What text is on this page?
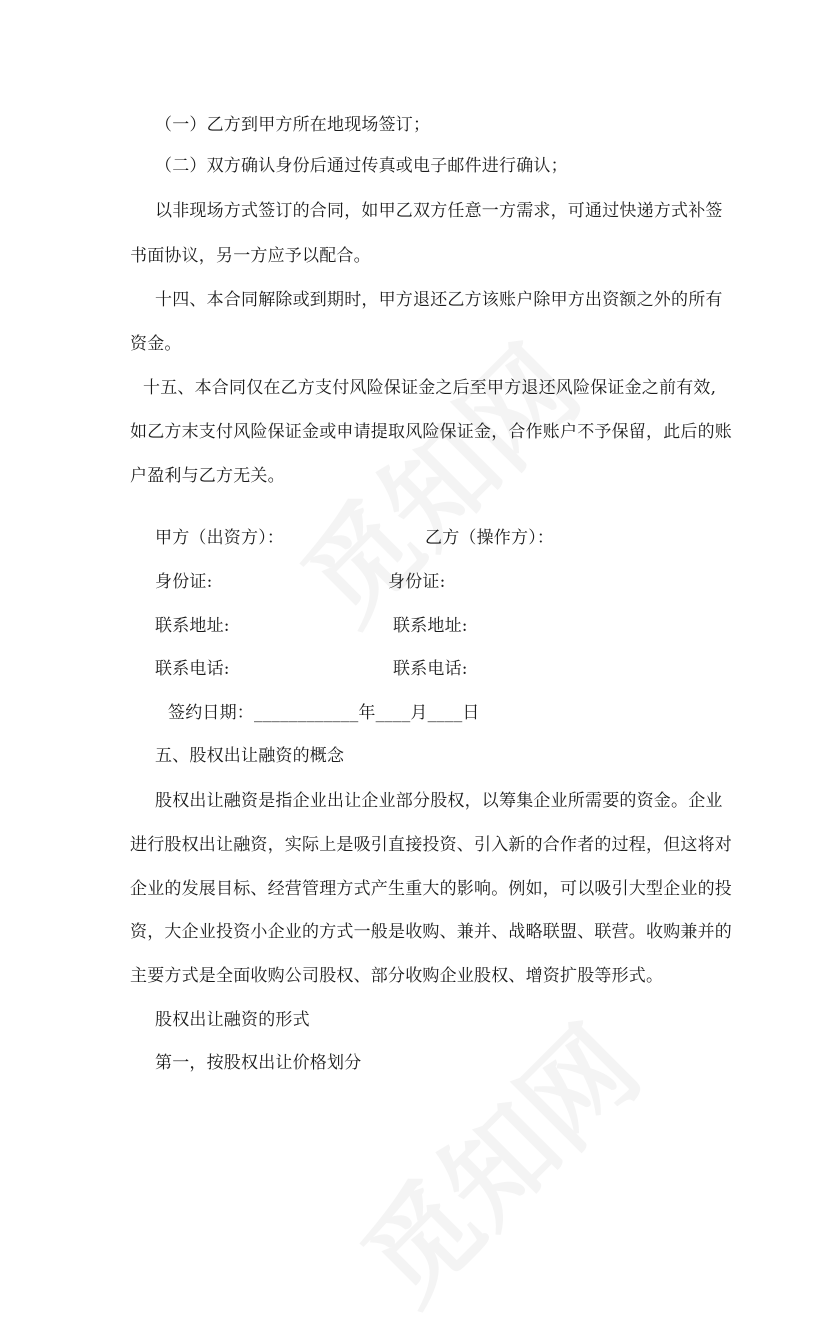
（一）乙方到甲方所在地现场签订；
（二）双方确认身份后通过传真或电子邮件进行确认；
以非现场方式签订的合同，如甲乙双方任意一方需求，可通过快递方式补签
书面协议，另一方应予以配合。
十四、本合同解除或到期时，甲方退还乙方该账户除甲方出资额之外的所有
资金。
十五、本合同仅在乙方支付风险保证金之后至甲方退还风险保证金之前有效,
如乙方末支付风险保证金或申请提取风险保证金，合作账户不予保留，此后的账
户盈利与乙方无关。
甲方（出资方）：	乙方（操作方）：
身份证:	身份证:
联系地址:	联系地址:
联系电话:	联系电话:
签约日期：____________年____月____日
五、股权出让融资的概念
股权出让融资是指企业出让企业部分股权，以筹集企业所需要的资金。企业
进行股权出让融资，实际上是吸引直接投资、引入新的合作者的过程，但这将对
企业的发展目标、经营管理方式产生重大的影响。例如，可以吸引大型企业的投
资，大企业投资小企业的方式一般是收购、兼并、战略联盟、联营。收购兼并的
主要方式是全面收购公司股权、部分收购企业股权、增资扩股等形式。
股权出让融资的形式
第一，按股权出让价格划分
